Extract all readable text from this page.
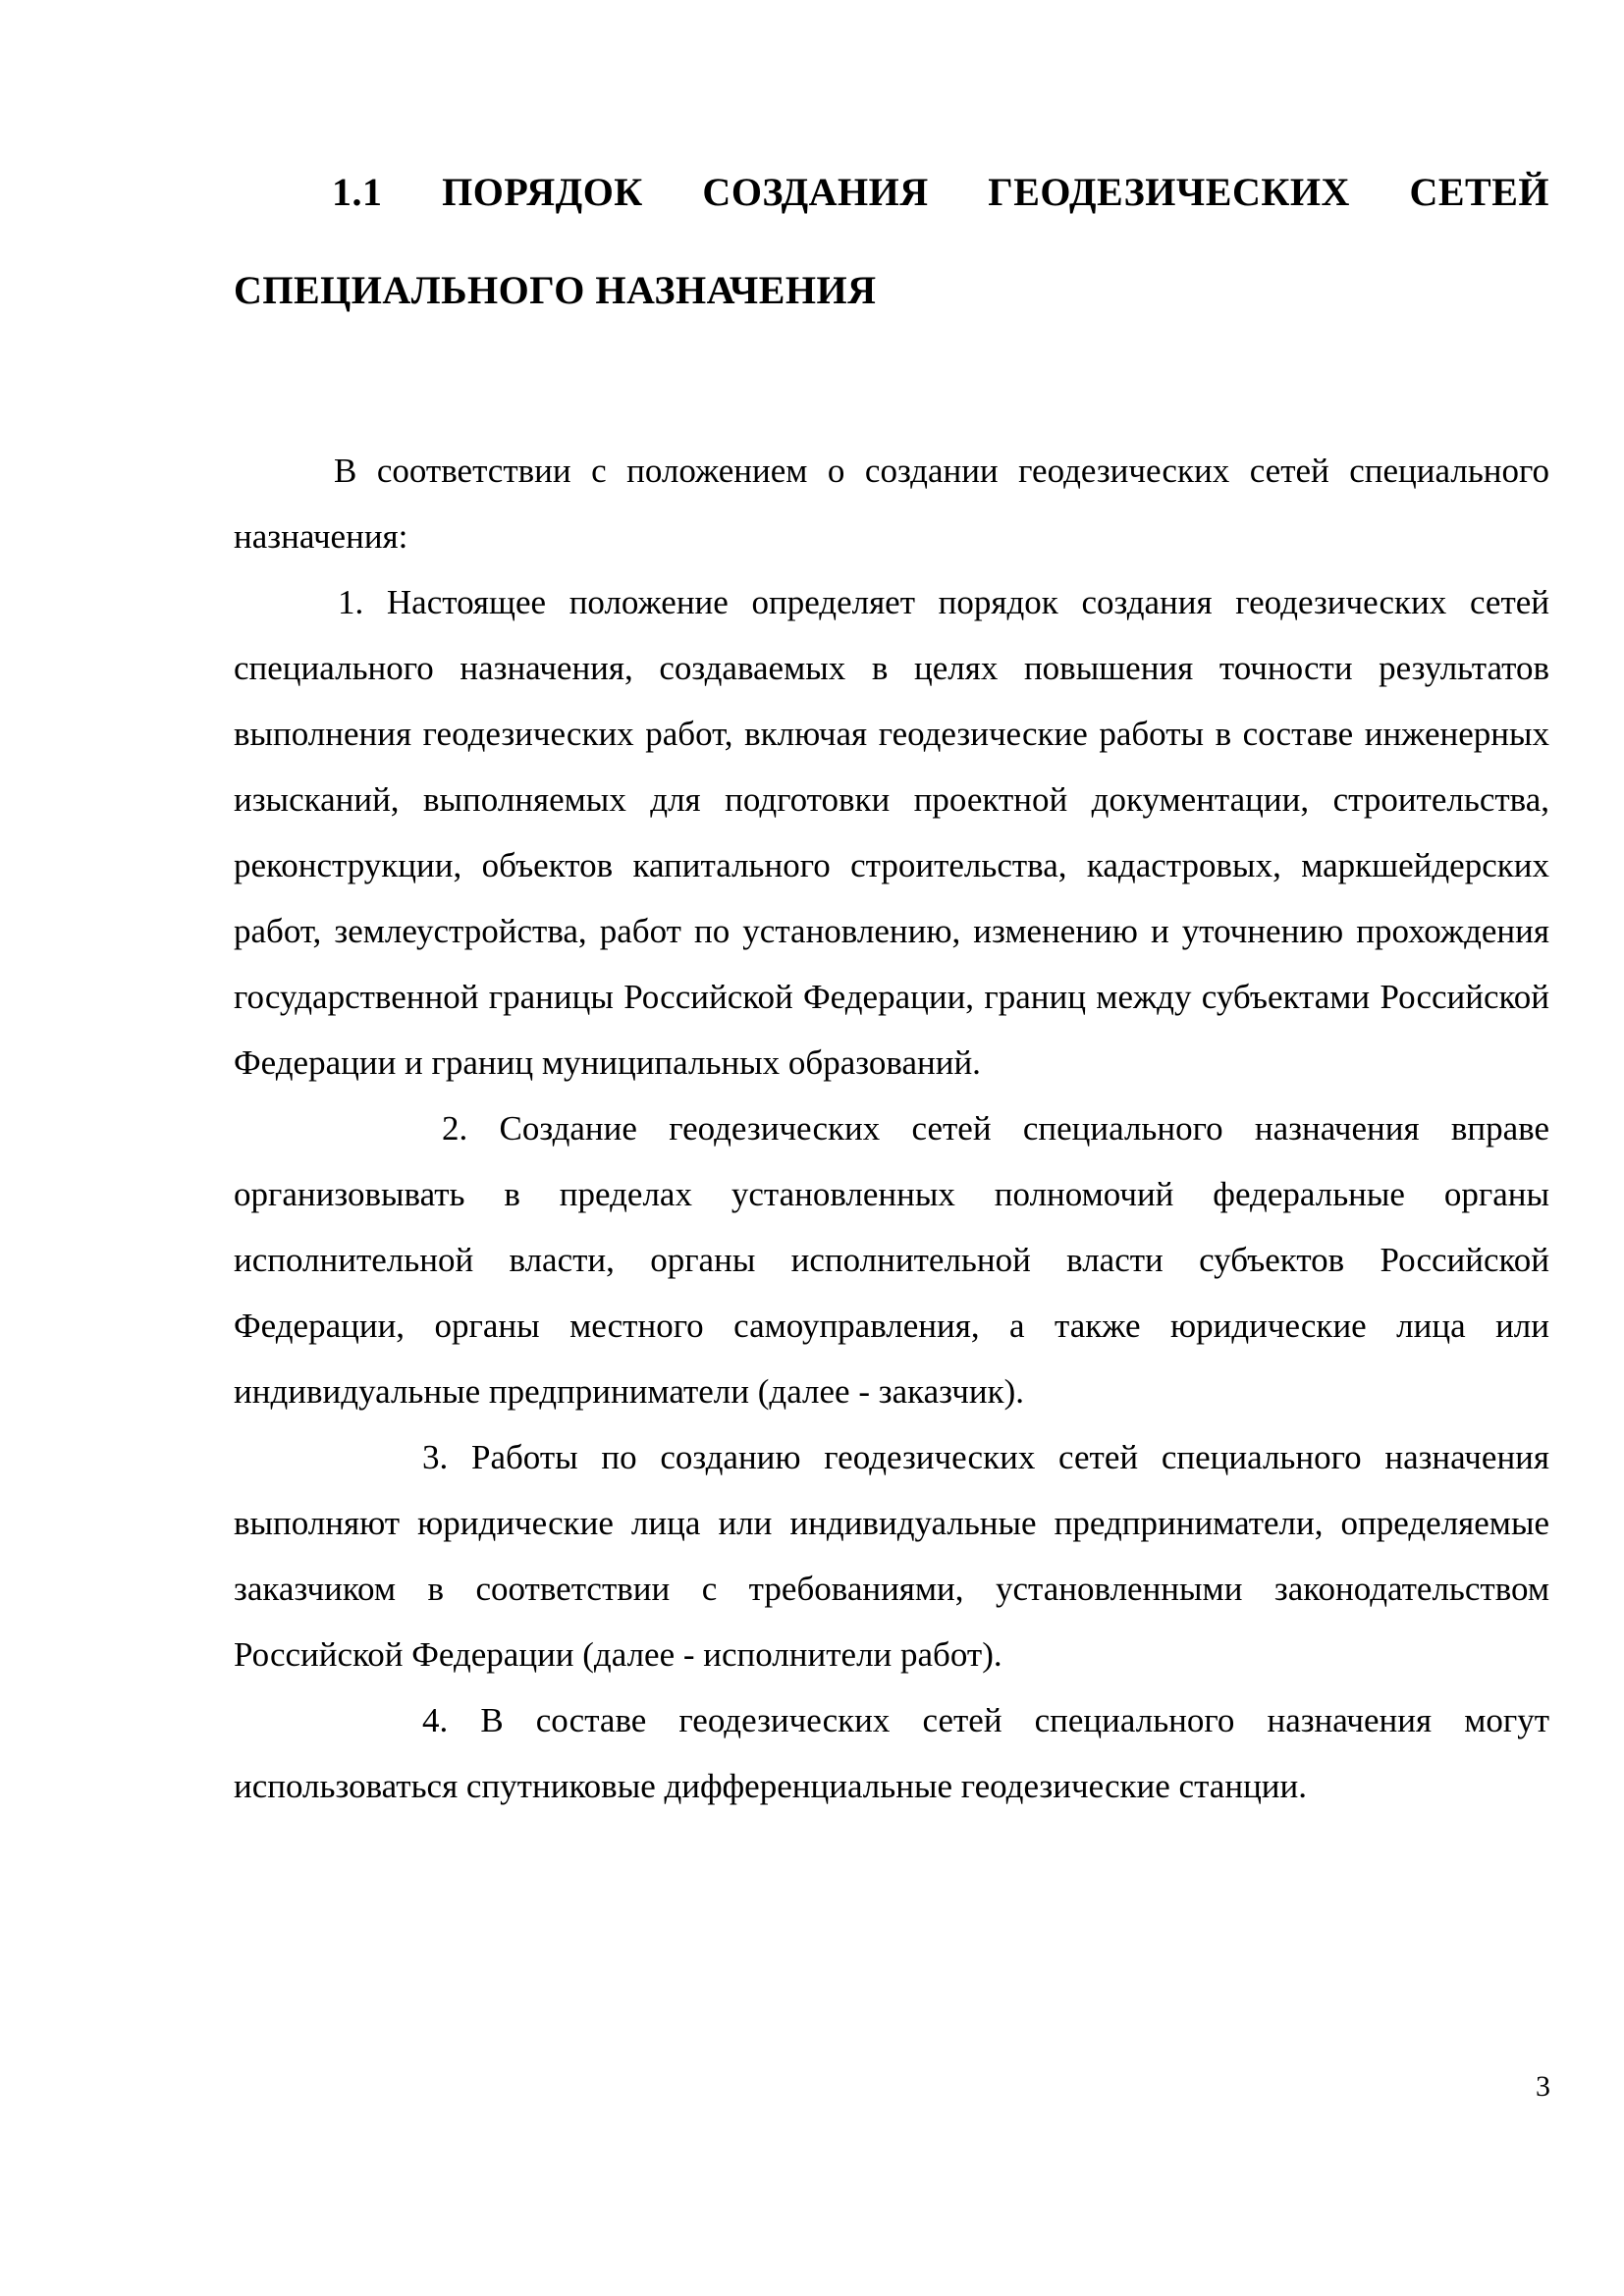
1.1 ПОРЯДОК СОЗДАНИЯ ГЕОДЕЗИЧЕСКИХ СЕТЕЙ СПЕЦИАЛЬНОГО НАЗНАЧЕНИЯ

В соответствии с положением о создании геодезических сетей специального назначения:

1. Настоящее положение определяет порядок создания геодезических сетей специального назначения, создаваемых в целях повышения точности результатов выполнения геодезических работ, включая геодезические работы в составе инженерных изысканий, выполняемых для подготовки проектной документации, строительства, реконструкции, объектов капитального строительства, кадастровых, маркшейдерских работ, землеустройства, работ по установлению, изменению и уточнению прохождения государственной границы Российской Федерации, границ между субъектами Российской Федерации и границ муниципальных образований.

2. Создание геодезических сетей специального назначения вправе организовывать в пределах установленных полномочий федеральные органы исполнительной власти, органы исполнительной власти субъектов Российской Федерации, органы местного самоуправления, а также юридические лица или индивидуальные предприниматели (далее - заказчик).

3. Работы по созданию геодезических сетей специального назначения выполняют юридические лица или индивидуальные предприниматели, определяемые заказчиком в соответствии с требованиями, установленными законодательством Российской Федерации (далее - исполнители работ).

4. В составе геодезических сетей специального назначения могут использоваться спутниковые дифференциальные геодезические станции.

3
